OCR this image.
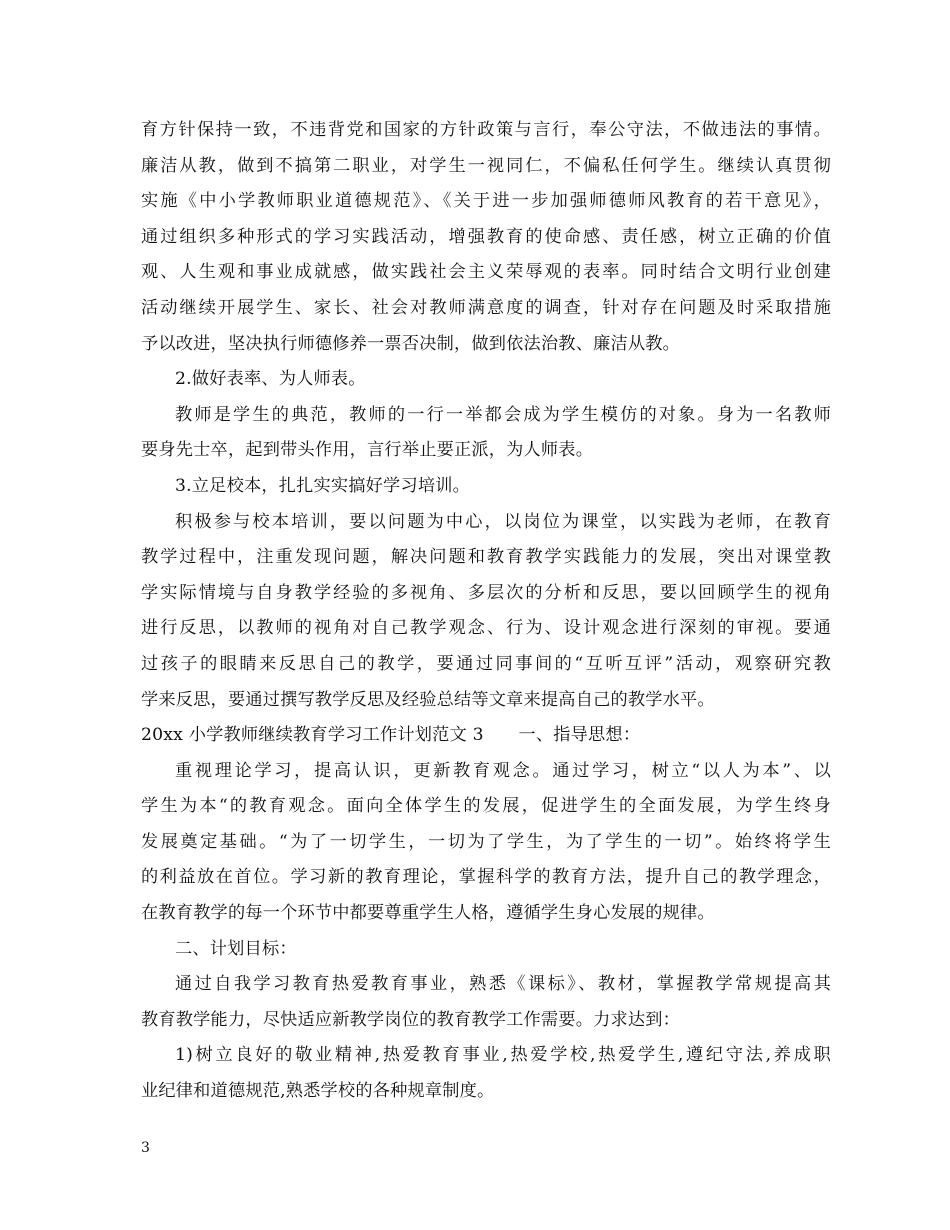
育方针保持一致，不违背党和国家的方针政策与言行，奉公守法，不做违法的事情。
廉洁从教，做到不搞第二职业，对学生一视同仁，不偏私任何学生。继续认真贯彻
实施《中小学教师职业道德规范》、《关于进一步加强师德师风教育的若干意见》，
通过组织多种形式的学习实践活动，增强教育的使命感、责任感，树立正确的价值
观、人生观和事业成就感，做实践社会主义荣辱观的表率。同时结合文明行业创建
活动继续开展学生、家长、社会对教师满意度的调查，针对存在问题及时采取措施
予以改进，坚决执行师德修养一票否决制，做到依法治教、廉洁从教。
2.做好表率、为人师表。
教师是学生的典范，教师的一行一举都会成为学生模仿的对象。身为一名教师
要身先士卒，起到带头作用，言行举止要正派，为人师表。
3.立足校本，扎扎实实搞好学习培训。
积极参与校本培训，要以问题为中心，以岗位为课堂，以实践为老师，在教育
教学过程中，注重发现问题，解决问题和教育教学实践能力的发展，突出对课堂教
学实际情境与自身教学经验的多视角、多层次的分析和反思，要以回顾学生的视角
进行反思，以教师的视角对自己教学观念、行为、设计观念进行深刻的审视。要通
过孩子的眼睛来反思自己的教学，要通过同事间的“互听互评”活动，观察研究教
学来反思，要通过撰写教学反思及经验总结等文章来提高自己的教学水平。
20xx 小学教师继续教育学习工作计划范文 3　　一、指导思想：
重视理论学习，提高认识，更新教育观念。通过学习，树立“以人为本”、以
学生为本“的教育观念。面向全体学生的发展，促进学生的全面发展，为学生终身
发展奠定基础。“为了一切学生，一切为了学生，为了学生的一切”。始终将学生
的利益放在首位。学习新的教育理论，掌握科学的教育方法，提升自己的教学理念，
在教育教学的每一个环节中都要尊重学生人格，遵循学生身心发展的规律。
二、计划目标：
通过自我学习教育热爱教育事业，熟悉《课标》、教材，掌握教学常规提高其
教育教学能力，尽快适应新教学岗位的教育教学工作需要。力求达到：
1)树立良好的敬业精神,热爱教育事业,热爱学校,热爱学生,遵纪守法,养成职
业纪律和道德规范,熟悉学校的各种规章制度。
3
